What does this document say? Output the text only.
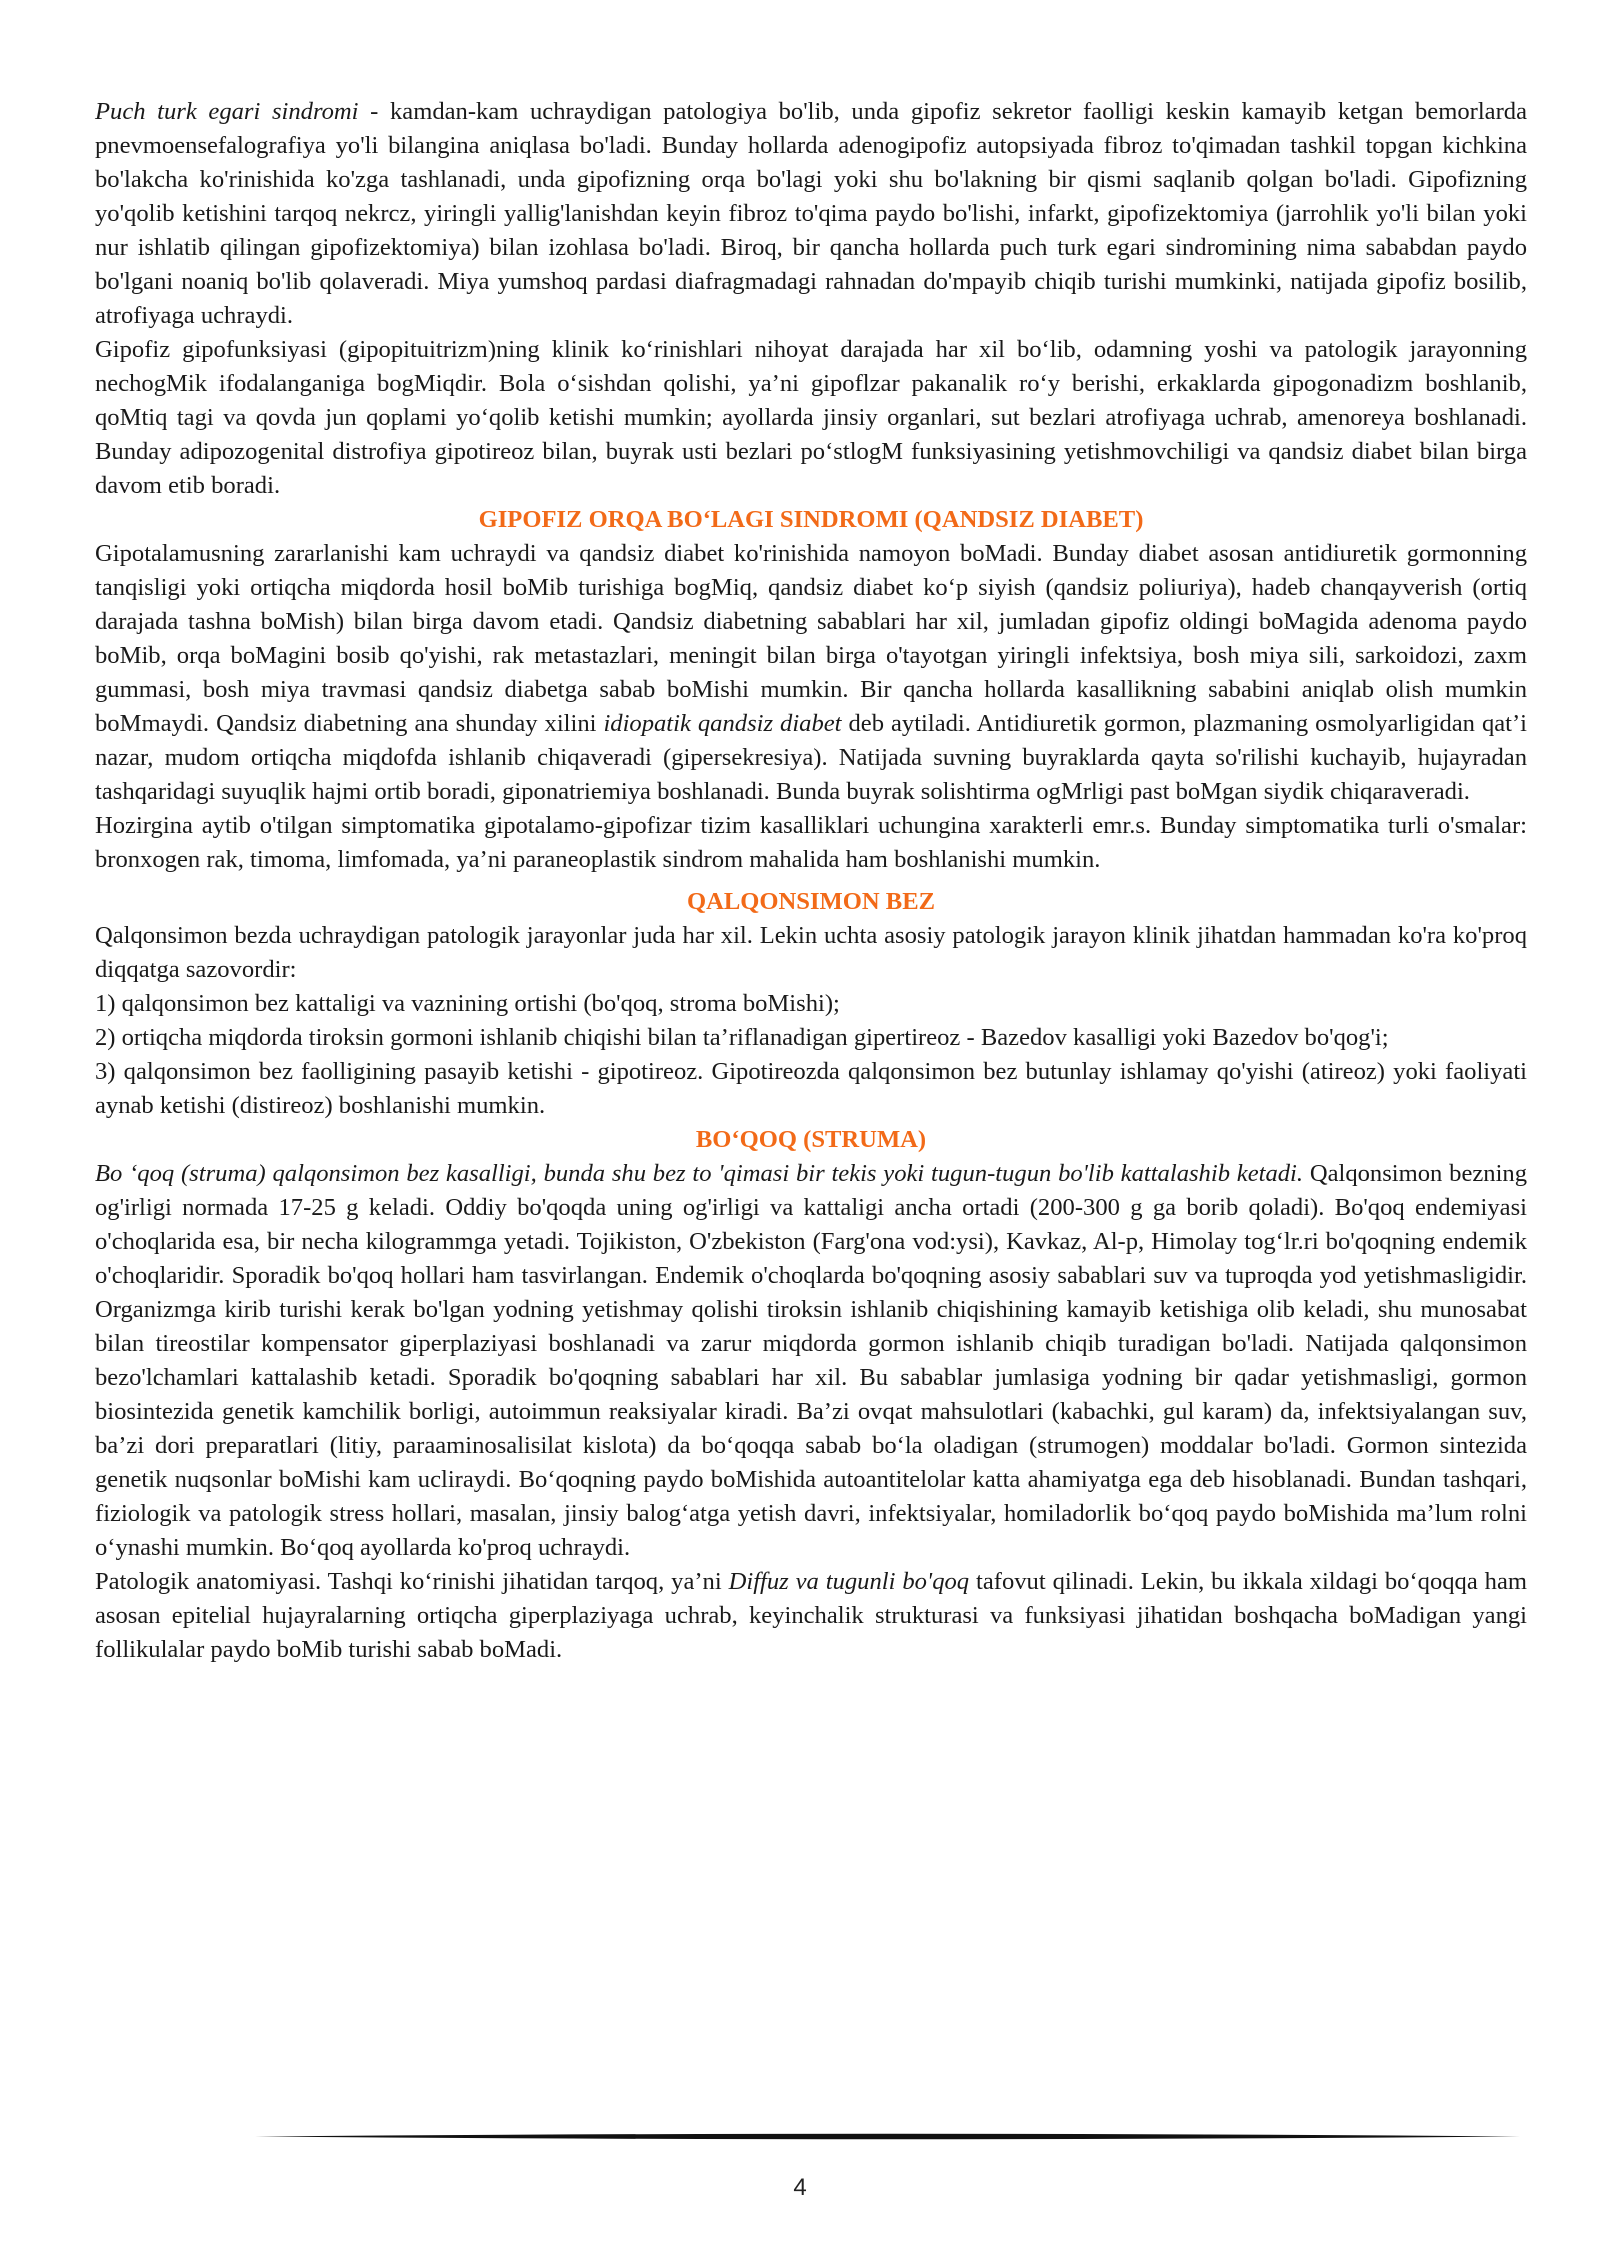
Puch turk egari sindromi - kamdan-kam uchraydigan patologiya bo'lib, unda gipofiz sekretor faolligi keskin kamayib ketgan bemorlarda pnevmoensefalografiya yo'li bilangina aniqlasa bo'ladi. Bunday hollarda adenogipofiz autopsiyada fibroz to'qimadan tashkil topgan kichkina bo'lakcha ko'rinishida ko'zga tashlanadi, unda gipofizning orqa bo'lagi yoki shu bo'lakning bir qismi saqlanib qolgan bo'ladi. Gipofizning yo'qolib ketishini tarqoq nekrcz, yiringli yallig'lanishdan keyin fibroz to'qima paydo bo'lishi, infarkt, gipofizektomiya (jarrohlik yo'li bilan yoki nur ishlatib qilingan gipofizektomiya) bilan izohlasa bo'ladi. Biroq, bir qancha hollarda puch turk egari sindromining nima sababdan paydo bo'lgani noaniq bo'lib qolaveradi. Miya yumshoq pardasi diafragmadagi rahnadan do'mpayib chiqib turishi mumkinki, natijada gipofiz bosilib, atrofiyaga uchraydi.

Gipofiz gipofunksiyasi (gipopituitrizm)ning klinik ko‘rinishlari nihoyat darajada har xil bo‘lib, odamning yoshi va patologik jarayonning nechogMik ifodalanganiga bogMiqdir. Bola o‘sishdan qolishi, ya’ni gipoflzar pakanalik ro‘y berishi, erkaklarda gipogonadizm boshlanib, qoMtiq tagi va qovda jun qoplami yo‘qolib ketishi mumkin; ayollarda jinsiy organlari, sut bezlari atrofiyaga uchrab, amenoreya boshlanadi. Bunday adipozogenital distrofiya gipotireoz bilan, buyrak usti bezlari po‘stlogM funksiyasining yetishmovchiligi va qandsiz diabet bilan birga davom etib boradi.

GIPOFIZ ORQA BO‘LAGI SINDROMI (QANDSIZ DIABET)

Gipotalamusning zararlanishi kam uchraydi va qandsiz diabet ko'rinishida namoyon boMadi. Bunday diabet asosan antidiuretik gormonning tanqisligi yoki ortiqcha miqdorda hosil boMib turishiga bogMiq, qandsiz diabet ko‘p siyish (qandsiz poliuriya), hadeb chanqayverish (ortiq darajada tashna boMish) bilan birga davom etadi. Qandsiz diabetning sabablari har xil, jumladan gipofiz oldingi boMagida adenoma paydo boMib, orqa boMagini bosib qo'yishi, rak metastazlari, meningit bilan birga o'tayotgan yiringli infektsiya, bosh miya sili, sarkoidozi, zaxm gummasi, bosh miya travmasi qandsiz diabetga sabab boMishi mumkin. Bir qancha hollarda kasallikning sababini aniqlab olish mumkin boMmaydi. Qandsiz diabetning ana shunday xilini idiopatik qandsiz diabet deb aytiladi. Antidiuretik gormon, plazmaning osmolyarligidan qat’i nazar, mudom ortiqcha miqdofda ishlanib chiqaveradi (gipersekresiya). Natijada suvning buyraklarda qayta so'rilishi kuchayib, hujayradan tashqaridagi suyuqlik hajmi ortib boradi, giponatriemiya boshlanadi. Bunda buyrak solishtirma ogMrligi past boMgan siydik chiqaraveradi.

Hozirgina aytib o'tilgan simptomatika gipotalamo-gipofizar tizim kasalliklari uchungina xarakterli emr.s. Bunday simptomatika turli o'smalar: bronxogen rak, timoma, limfomada, ya’ni paraneoplastik sindrom mahalida ham boshlanishi mumkin.

QALQONSIMON BEZ

Qalqonsimon bezda uchraydigan patologik jarayonlar juda har xil. Lekin uchta asosiy patologik jarayon klinik jihatdan hammadan ko'ra ko'proq diqqatga sazovordir:

1) qalqonsimon bez kattaligi va vaznining ortishi (bo'qoq, stroma boMishi);

2) ortiqcha miqdorda tiroksin gormoni ishlanib chiqishi bilan ta’riflanadigan gipertireoz - Bazedov kasalligi yoki Bazedov bo'qog'i;

3) qalqonsimon bez faolligining pasayib ketishi - gipotireoz. Gipotireozda qalqonsimon bez butunlay ishlamay qo'yishi (atireoz) yoki faoliyati aynab ketishi (distireoz) boshlanishi mumkin.

BO‘QOQ (STRUMA)

Bo ‘qoq (struma) qalqonsimon bez kasalligi, bunda shu bez to 'qimasi bir tekis yoki tugun-tugun bo'lib kattalashib ketadi. Qalqonsimon bezning og'irligi normada 17-25 g keladi. Oddiy bo'qoqda uning og'irligi va kattaligi ancha ortadi (200-300 g ga borib qoladi). Bo'qoq endemiyasi o'choqlarida esa, bir necha kilogrammga yetadi. Tojikiston, O'zbekiston (Farg'ona vod:ysi), Kavkaz, Al-p, Himolay tog‘lr.ri bo'qoqning endemik o'choqlaridir. Sporadik bo'qoq hollari ham tasvirlangan. Endemik o'choqlarda bo'qoqning asosiy sabablari suv va tuproqda yod yetishmasligidir. Organizmga kirib turishi kerak bo'lgan yodning yetishmay qolishi tiroksin ishlanib chiqishining kamayib ketishiga olib keladi, shu munosabat bilan tireostilar kompensator giperplaziyasi boshlanadi va zarur miqdorda gormon ishlanib chiqib turadigan bo'ladi. Natijada qalqonsimon bezo'lchamlari kattalashib ketadi. Sporadik bo'qoqning sabablari har xil. Bu sabablar jumlasiga yodning bir qadar yetishmasligi, gormon biosintezida genetik kamchilik borligi, autoimmun reaksiyalar kiradi. Ba’zi ovqat mahsulotlari (kabachki, gul karam) da, infektsiyalangan suv, ba’zi dori preparatlari (litiy, paraaminosalisilat kislota) da bo‘qoqqa sabab bo‘la oladigan (strumogen) moddalar bo'ladi. Gormon sintezida genetik nuqsonlar boMishi kam ucliraydi. Bo‘qoqning paydo boMishida autoantitelolar katta ahamiyatga ega deb hisoblanadi. Bundan tashqari, fiziologik va patologik stress hollari, masalan, jinsiy balog‘atga yetish davri, infektsiyalar, homiladorlik bo‘qoq paydo boMishida ma’lum rolni o‘ynashi mumkin. Bo‘qoq ayollarda ko'proq uchraydi.

Patologik anatomiyasi. Tashqi ko‘rinishi jihatidan tarqoq, ya’ni Diffuz va tugunli bo'qoq tafovut qilinadi. Lekin, bu ikkala xildagi bo‘qoqqa ham asosan epitelial hujayralarning ortiqcha giperplaziyaga uchrab, keyinchalik strukturasi va funksiyasi jihatidan boshqacha boMadigan yangi follikulalar paydo boMib turishi sabab boMadi.

4
